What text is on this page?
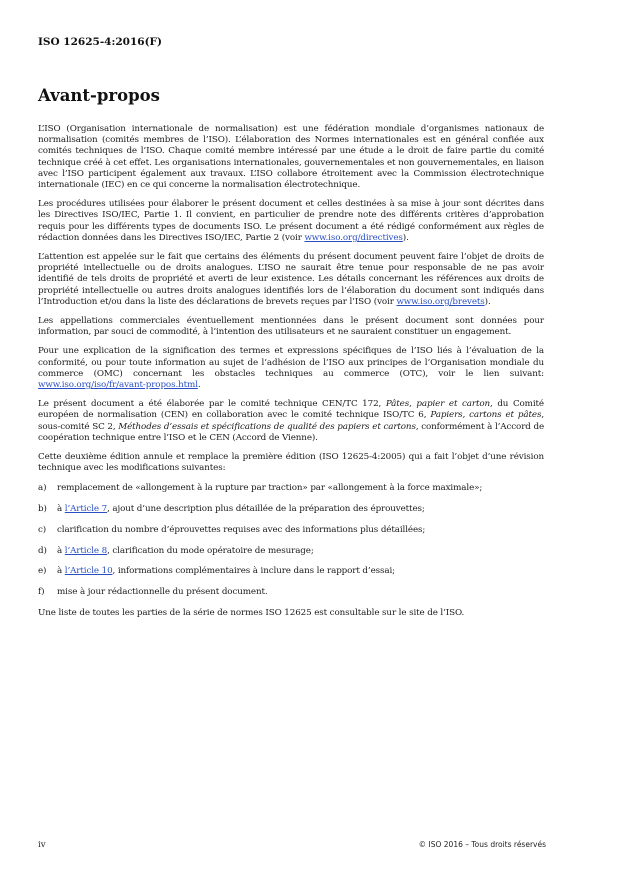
ISO 12625-4:2016(F)
Avant-propos

L’ISO (Organisation internationale de normalisation) est une fédération mondiale d’organismes nationaux de normalisation (comités membres de l’ISO). L’élaboration des Normes internationales est en général confiée aux comités techniques de l’ISO. Chaque comité membre intéressé par une étude a le droit de faire partie du comité technique créé à cet effet. Les organisations internationales, gouvernementales et non gouvernementales, en liaison avec l’ISO participent également aux travaux. L’ISO collabore étroitement avec la Commission électrotechnique internationale (IEC) en ce qui concerne la normalisation électrotechnique.

Les procédures utilisées pour élaborer le présent document et celles destinées à sa mise à jour sont décrites dans les Directives ISO/IEC, Partie 1. Il convient, en particulier de prendre note des différents critères d’approbation requis pour les différents types de documents ISO. Le présent document a été rédigé conformément aux règles de rédaction données dans les Directives ISO/IEC, Partie 2 (voir www.iso.org/directives).

L’attention est appelée sur le fait que certains des éléments du présent document peuvent faire l’objet de droits de propriété intellectuelle ou de droits analogues. L’ISO ne saurait être tenue pour responsable de ne pas avoir identifié de tels droits de propriété et averti de leur existence. Les détails concernant les références aux droits de propriété intellectuelle ou autres droits analogues identifiés lors de l’élaboration du document sont indiqués dans l’Introduction et/ou dans la liste des déclarations de brevets reçues par l’ISO (voir www.iso.org/brevets).

Les appellations commerciales éventuellement mentionnées dans le présent document sont données pour information, par souci de commodité, à l’intention des utilisateurs et ne sauraient constituer un engagement.

Pour une explication de la signification des termes et expressions spécifiques de l’ISO liés à l’évaluation de la conformité, ou pour toute information au sujet de l’adhésion de l’ISO aux principes de l’Organisation mondiale du commerce (OMC) concernant les obstacles techniques au commerce (OTC), voir le lien suivant: www.iso.org/iso/fr/avant-propos.html.

Le présent document a été élaborée par le comité technique CEN/TC 172, Pâtes, papier et carton, du Comité européen de normalisation (CEN) en collaboration avec le comité technique ISO/TC 6, Papiers, cartons et pâtes, sous-comité SC 2, Méthodes d’essais et spécifications de qualité des papiers et cartons, conformément à l’Accord de coopération technique entre l’ISO et le CEN (Accord de Vienne).

Cette deuxième édition annule et remplace la première édition (ISO 12625-4:2005) qui a fait l’objet d’une révision technique avec les modifications suivantes:

a)	remplacement de «allongement à la rupture par traction» par «allongement à la force maximale»;
b)	à l’Article 7, ajout d’une description plus détaillée de la préparation des éprouvettes;
c)	clarification du nombre d’éprouvettes requises avec des informations plus détaillées;
d)	à l’Article 8, clarification du mode opératoire de mesurage;
e)	à l’Article 10, informations complémentaires à inclure dans le rapport d’essai;
f)	mise à jour rédactionnelle du présent document.

Une liste de toutes les parties de la série de normes ISO 12625 est consultable sur le site de l’ISO.

iv	© ISO 2016 – Tous droits réservés
